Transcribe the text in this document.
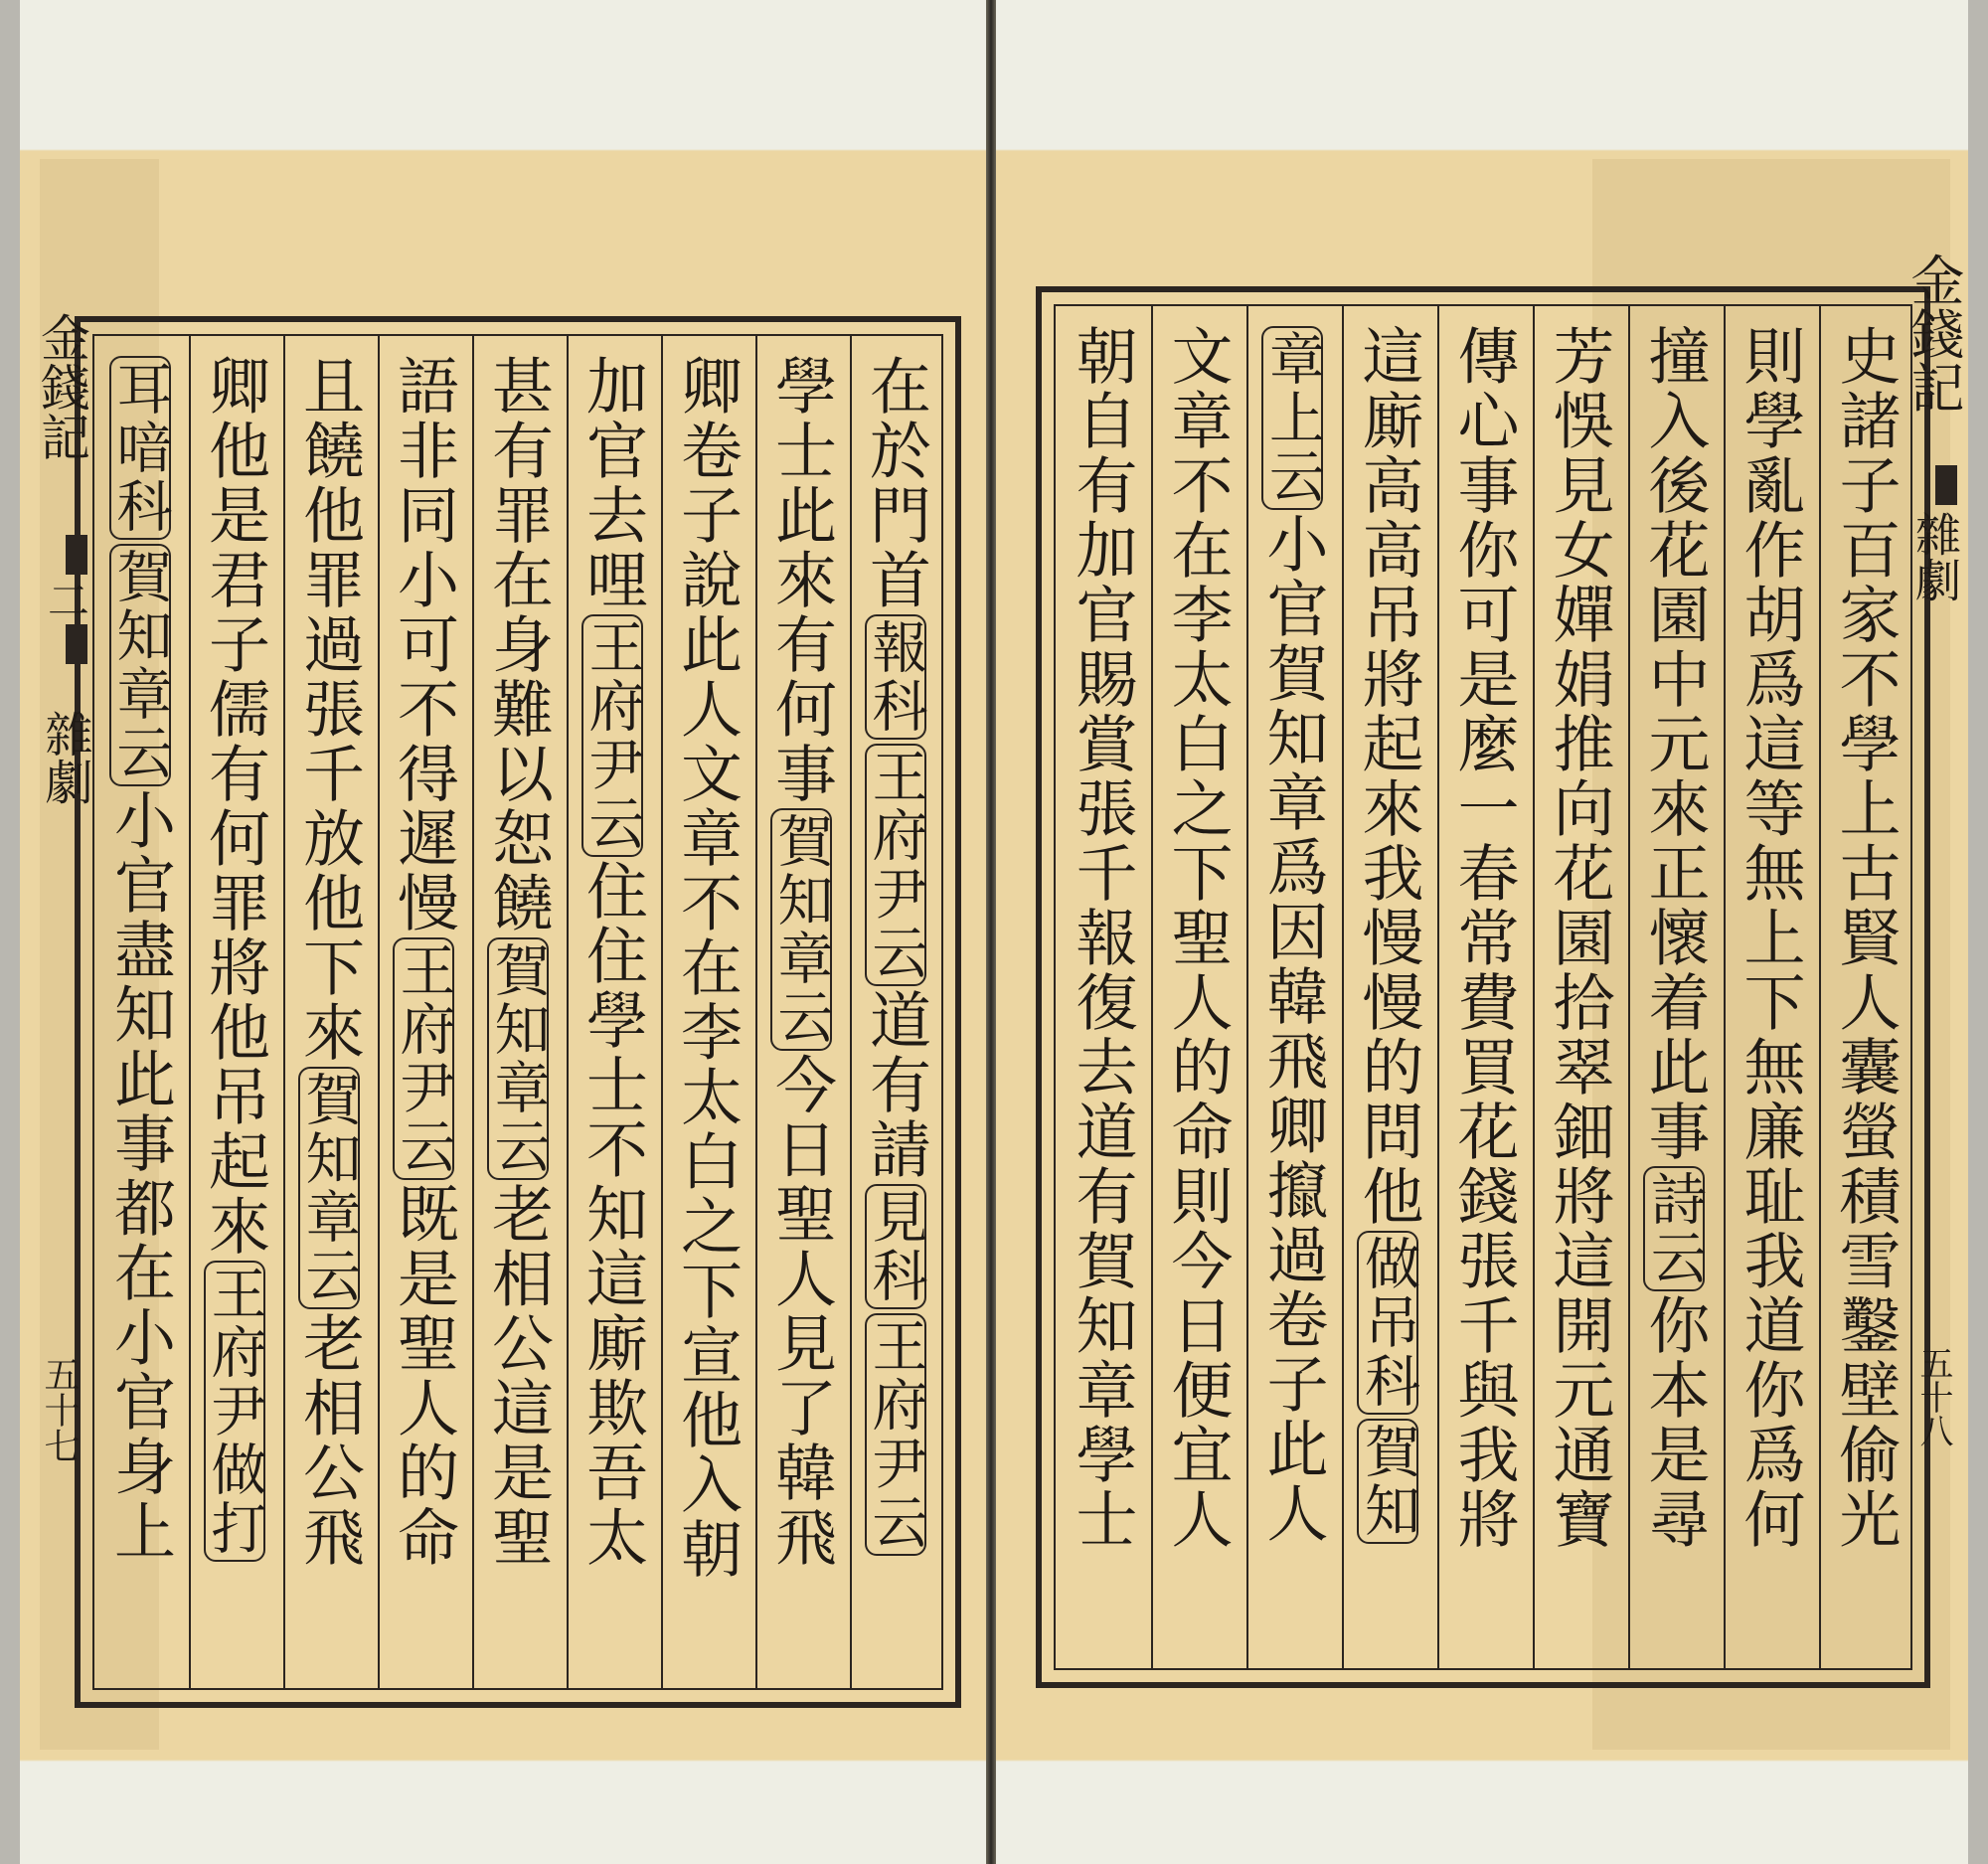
金錢記
二
雜劇
五十七
在於門首報科王府尹云道有請見科王府尹云
學士此來有何事賀知章云今日聖人見了韓飛
卿卷子說此人文章不在李太白之下宣他入朝
加官去哩王府尹云住住學士不知這廝欺吾太
甚有罪在身難以恕饒賀知章云老相公這是聖
語非同小可不得遲慢王府尹云既是聖人的命
且饒他罪過張千放他下來賀知章云老相公飛
卿他是君子儒有何罪將他吊起來王府尹做打
耳喑科賀知章云小官盡知此事都在小官身上	史諸子百家不學上古賢人囊螢積雪鑿壁偷光
則學亂作胡爲這等無上下無廉耻我道你爲何
撞入後花園中元來正懷着此事詩云你本是尋
芳悞見女嬋娟推向花園拾翠鈿將這開元通寶
傳心事你可是麼一春常費買花錢張千與我將
這廝高高吊將起來我慢慢的問他做吊科賀知
章上云小官賀知章爲因韓飛卿攛過卷子此人
文章不在李太白之下聖人的命則今日便宜人
朝自有加官賜賞張千報復去道有賀知章學士	金錢記
雜劇
五十八
